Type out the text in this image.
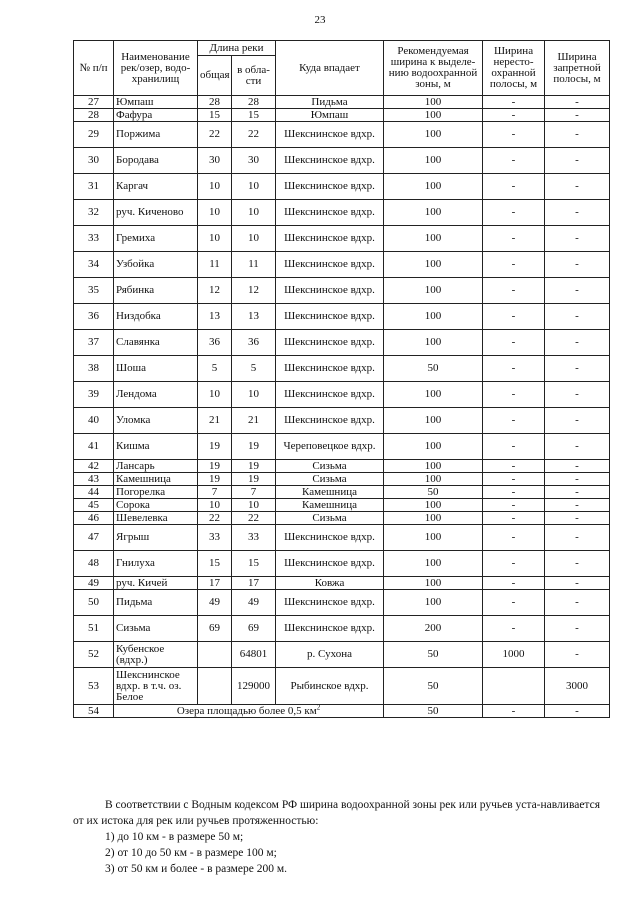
23
№ п/п	Наименование рек/озер, водо-хранилищ	Длина реки		Куда впадает	Рекомендуемая ширина к выделе-нию водоохранной зоны, м	Ширина нересто-охранной полосы, м	Ширина запретной полосы, м
		общая	в обла-сти				
27	Юмпаш	28	28	Пидьма	100	-	-
28	Фафура	15	15	Юмпаш	100	-	-
29	Поржима	22	22	Шекснинское вдхр.	100	-	-
30	Бородава	30	30	Шекснинское вдхр.	100	-	-
31	Каргач	10	10	Шекснинское вдхр.	100	-	-
32	руч. Киченово	10	10	Шекснинское вдхр.	100	-	-
33	Гремиха	10	10	Шекснинское вдхр.	100	-	-
34	Узбойка	11	11	Шекснинское вдхр.	100	-	-
35	Рябинка	12	12	Шекснинское вдхр.	100	-	-
36	Низдобка	13	13	Шекснинское вдхр.	100	-	-
37	Славянка	36	36	Шекснинское вдхр.	100	-	-
38	Шоша	5	5	Шекснинское вдхр.	50	-	-
39	Лендома	10	10	Шекснинское вдхр.	100	-	-
40	Уломка	21	21	Шекснинское вдхр.	100	-	-
41	Кишма	19	19	Череповецкое вдхр.	100	-	-
42	Лансарь	19	19	Сизьма	100	-	-
43	Камешница	19	19	Сизьма	100	-	-
44	Погорелка	7	7	Камешница	50	-	-
45	Сорока	10	10	Камешница	100	-	-
46	Шевелевка	22	22	Сизьма	100	-	-
47	Ягрыш	33	33	Шекснинское вдхр.	100	-	-
48	Гнилуха	15	15	Шекснинское вдхр.	100	-	-
49	руч. Кичей	17	17	Ковжа	100	-	-
50	Пидьма	49	49	Шекснинское вдхр.	100	-	-
51	Сизьма	69	69	Шекснинское вдхр.	200	-	-
52	Кубенское (вдхр.)		64801	р. Сухона	50	1000	-
53	Шекснинское вдхр. в т.ч. оз. Белое		129000	Рыбинское вдхр.	50		3000
54	Озера площадью более 0,5 $км^2$				50	-	-

В соответствии с Водным кодексом РФ ширина водоохранной зоны рек или ручьев уста-навливается от их истока для рек или ручьев протяженностью:

1) до 10 км - в размере 50 м;

2) от 10 до 50 км - в размере 100 м;

3) от 50 км и более - в размере 200 м.
